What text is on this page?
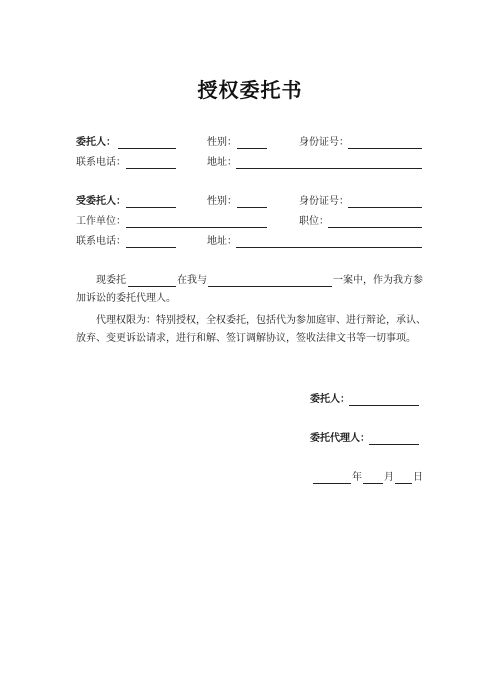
授权委托书
委托人：	性别：	身份证号：
联系电话：	地址：
受委托人：	性别：	身份证号：
工作单位：	职位：
联系电话：	地址：
现委托	在我与	一案中，作为我方参
加诉讼的委托代理人。
代理权限为：特别授权，全权委托，包括代为参加庭审、进行辩论，承认、
放弃、变更诉讼请求，进行和解、签订调解协议，签收法律文书等一切事项。
委托人：
委托代理人：
年 月 日
